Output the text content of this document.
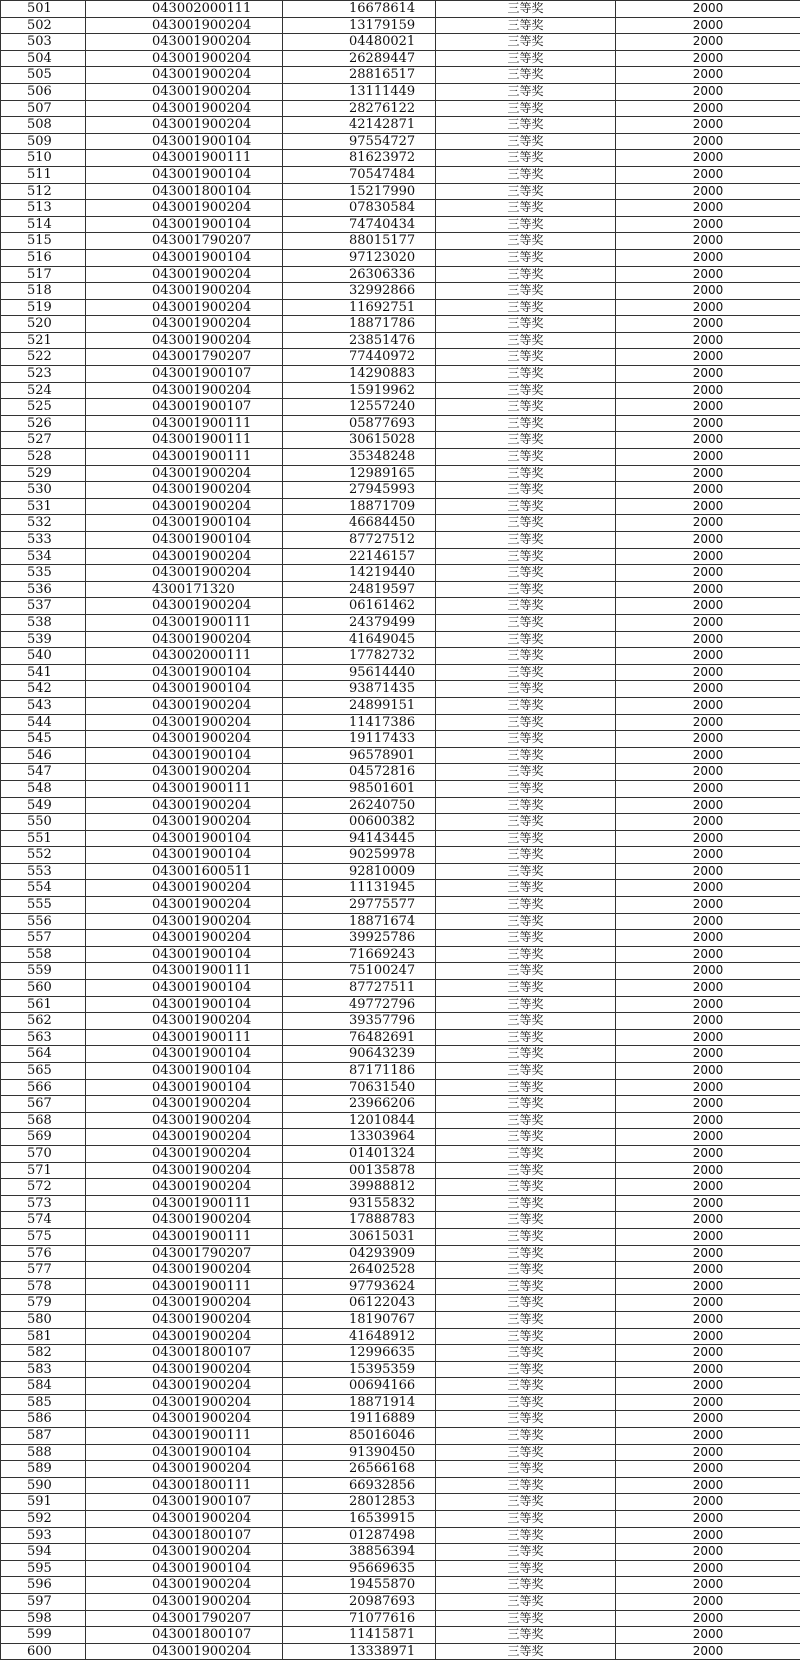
501	043002000111	16678614	三等奖	2000
502	043001900204	13179159	三等奖	2000
503	043001900204	04480021	三等奖	2000
504	043001900204	26289447	三等奖	2000
505	043001900204	28816517	三等奖	2000
506	043001900204	13111449	三等奖	2000
507	043001900204	28276122	三等奖	2000
508	043001900204	42142871	三等奖	2000
509	043001900104	97554727	三等奖	2000
510	043001900111	81623972	三等奖	2000
511	043001900104	70547484	三等奖	2000
512	043001800104	15217990	三等奖	2000
513	043001900204	07830584	三等奖	2000
514	043001900104	74740434	三等奖	2000
515	043001790207	88015177	三等奖	2000
516	043001900104	97123020	三等奖	2000
517	043001900204	26306336	三等奖	2000
518	043001900204	32992866	三等奖	2000
519	043001900204	11692751	三等奖	2000
520	043001900204	18871786	三等奖	2000
521	043001900204	23851476	三等奖	2000
522	043001790207	77440972	三等奖	2000
523	043001900107	14290883	三等奖	2000
524	043001900204	15919962	三等奖	2000
525	043001900107	12557240	三等奖	2000
526	043001900111	05877693	三等奖	2000
527	043001900111	30615028	三等奖	2000
528	043001900111	35348248	三等奖	2000
529	043001900204	12989165	三等奖	2000
530	043001900204	27945993	三等奖	2000
531	043001900204	18871709	三等奖	2000
532	043001900104	46684450	三等奖	2000
533	043001900104	87727512	三等奖	2000
534	043001900204	22146157	三等奖	2000
535	043001900204	14219440	三等奖	2000
536	4300171320	24819597	三等奖	2000
537	043001900204	06161462	三等奖	2000
538	043001900111	24379499	三等奖	2000
539	043001900204	41649045	三等奖	2000
540	043002000111	17782732	三等奖	2000
541	043001900104	95614440	三等奖	2000
542	043001900104	93871435	三等奖	2000
543	043001900204	24899151	三等奖	2000
544	043001900204	11417386	三等奖	2000
545	043001900204	19117433	三等奖	2000
546	043001900104	96578901	三等奖	2000
547	043001900204	04572816	三等奖	2000
548	043001900111	98501601	三等奖	2000
549	043001900204	26240750	三等奖	2000
550	043001900204	00600382	三等奖	2000
551	043001900104	94143445	三等奖	2000
552	043001900104	90259978	三等奖	2000
553	043001600511	92810009	三等奖	2000
554	043001900204	11131945	三等奖	2000
555	043001900204	29775577	三等奖	2000
556	043001900204	18871674	三等奖	2000
557	043001900204	39925786	三等奖	2000
558	043001900104	71669243	三等奖	2000
559	043001900111	75100247	三等奖	2000
560	043001900104	87727511	三等奖	2000
561	043001900104	49772796	三等奖	2000
562	043001900204	39357796	三等奖	2000
563	043001900111	76482691	三等奖	2000
564	043001900104	90643239	三等奖	2000
565	043001900104	87171186	三等奖	2000
566	043001900104	70631540	三等奖	2000
567	043001900204	23966206	三等奖	2000
568	043001900204	12010844	三等奖	2000
569	043001900204	13303964	三等奖	2000
570	043001900204	01401324	三等奖	2000
571	043001900204	00135878	三等奖	2000
572	043001900204	39988812	三等奖	2000
573	043001900111	93155832	三等奖	2000
574	043001900204	17888783	三等奖	2000
575	043001900111	30615031	三等奖	2000
576	043001790207	04293909	三等奖	2000
577	043001900204	26402528	三等奖	2000
578	043001900111	97793624	三等奖	2000
579	043001900204	06122043	三等奖	2000
580	043001900204	18190767	三等奖	2000
581	043001900204	41648912	三等奖	2000
582	043001800107	12996635	三等奖	2000
583	043001900204	15395359	三等奖	2000
584	043001900204	00694166	三等奖	2000
585	043001900204	18871914	三等奖	2000
586	043001900204	19116889	三等奖	2000
587	043001900111	85016046	三等奖	2000
588	043001900104	91390450	三等奖	2000
589	043001900204	26566168	三等奖	2000
590	043001800111	66932856	三等奖	2000
591	043001900107	28012853	三等奖	2000
592	043001900204	16539915	三等奖	2000
593	043001800107	01287498	三等奖	2000
594	043001900204	38856394	三等奖	2000
595	043001900104	95669635	三等奖	2000
596	043001900204	19455870	三等奖	2000
597	043001900204	20987693	三等奖	2000
598	043001790207	71077616	三等奖	2000
599	043001800107	11415871	三等奖	2000
600	043001900204	13338971	三等奖	2000
